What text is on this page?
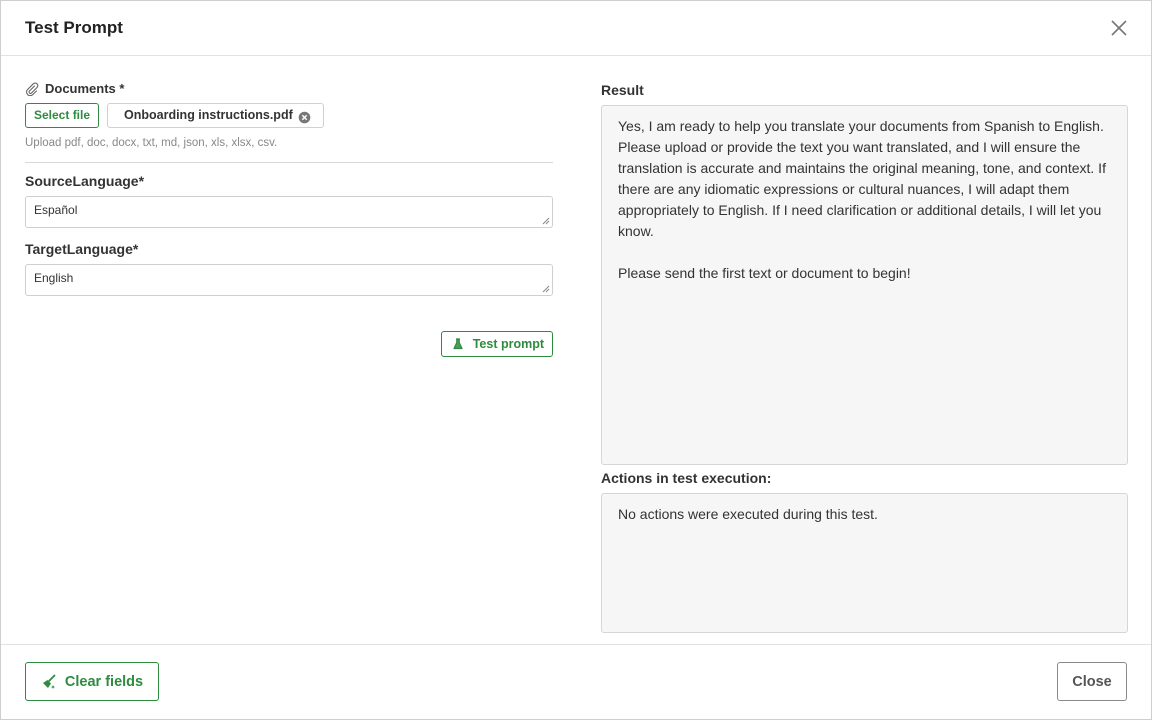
Test Prompt
Documents *
Select file	Onboarding instructions.pdf
Upload pdf, doc, docx, txt, md, json, xls, xlsx, csv.
SourceLanguage*
Español
TargetLanguage*
English
Test prompt
Result
Yes, I am ready to help you translate your documents from Spanish to English. Please upload or provide the text you want translated, and I will ensure the translation is accurate and maintains the original meaning, tone, and context. If there are any idiomatic expressions or cultural nuances, I will adapt them appropriately to English. If I need clarification or additional details, I will let you know.

Please send the first text or document to begin!
Actions in test execution:
No actions were executed during this test.
Clear fields	Close
